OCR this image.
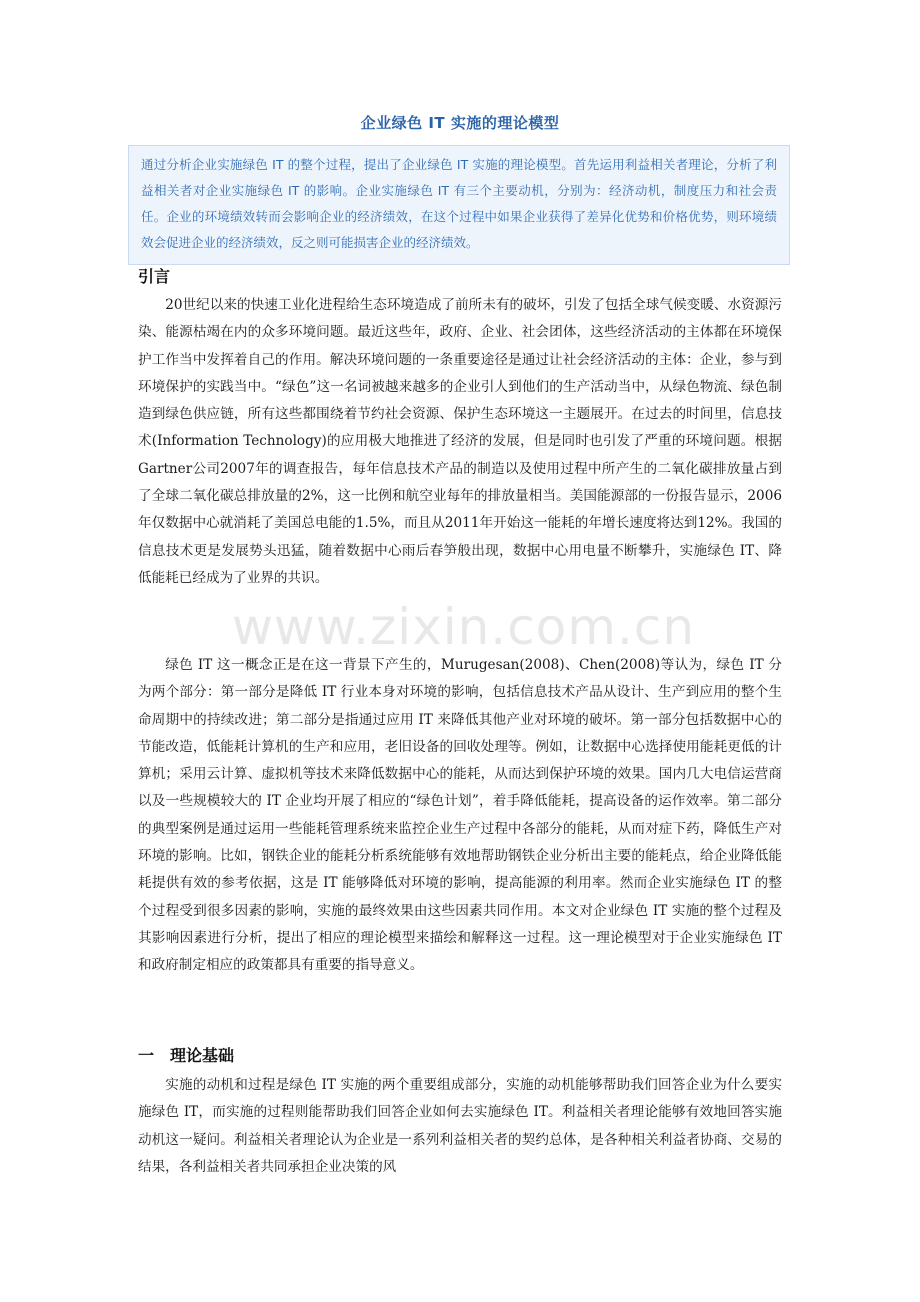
企业绿色 IT 实施的理论模型
通过分析企业实施绿色 IT 的整个过程，提出了企业绿色 IT 实施的理论模型。首先运用利益相关者理论，分析了利益相关者对企业实施绿色 IT 的影响。企业实施绿色 IT 有三个主要动机，分别为：经济动机，制度压力和社会责任。企业的环境绩效转而会影响企业的经济绩效，在这个过程中如果企业获得了差异化优势和价格优势，则环境绩效会促进企业的经济绩效，反之则可能损害企业的经济绩效。
引言

20世纪以来的快速工业化进程给生态环境造成了前所未有的破坏，引发了包括全球气候变暖、水资源污染、能源枯竭在内的众多环境问题。最近这些年，政府、企业、社会团体，这些经济活动的主体都在环境保护工作当中发挥着自己的作用。解决环境问题的一条重要途径是通过让社会经济活动的主体：企业，参与到环境保护的实践当中。“绿色”这一名词被越来越多的企业引人到他们的生产活动当中，从绿色物流、绿色制造到绿色供应链，所有这些都围绕着节约社会资源、保护生态环境这一主题展开。在过去的时间里，信息技术(Information Technology)的应用极大地推进了经济的发展，但是同时也引发了严重的环境问题。根据Gartner公司2007年的调查报告，每年信息技术产品的制造以及使用过程中所产生的二氧化碳排放量占到了全球二氧化碳总排放量的2%，这一比例和航空业每年的排放量相当。美国能源部的一份报告显示，2006年仅数据中心就消耗了美国总电能的1.5%，而且从2011年开始这一能耗的年增长速度将达到12%。我国的信息技术更是发展势头迅猛，随着数据中心雨后春笋般出现，数据中心用电量不断攀升，实施绿色 IT、降低能耗已经成为了业界的共识。

绿色 IT 这一概念正是在这一背景下产生的，Murugesan(2008)、Chen(2008)等认为，绿色 IT 分为两个部分：第一部分是降低 IT 行业本身对环境的影响，包括信息技术产品从设计、生产到应用的整个生命周期中的持续改进；第二部分是指通过应用 IT 来降低其他产业对环境的破坏。第一部分包括数据中心的节能改造，低能耗计算机的生产和应用，老旧设备的回收处理等。例如，让数据中心选择使用能耗更低的计算机；采用云计算、虚拟机等技术来降低数据中心的能耗，从而达到保护环境的效果。国内几大电信运营商以及一些规模较大的 IT 企业均开展了相应的“绿色计划”，着手降低能耗，提高设备的运作效率。第二部分的典型案例是通过运用一些能耗管理系统来监控企业生产过程中各部分的能耗，从而对症下药，降低生产对环境的影响。比如，钢铁企业的能耗分析系统能够有效地帮助钢铁企业分析出主要的能耗点，给企业降低能耗提供有效的参考依据，这是 IT 能够降低对环境的影响，提高能源的利用率。然而企业实施绿色 IT 的整个过程受到很多因素的影响，实施的最终效果由这些因素共同作用。本文对企业绿色 IT 实施的整个过程及其影响因素进行分析，提出了相应的理论模型来描绘和解释这一过程。这一理论模型对于企业实施绿色 IT 和政府制定相应的政策都具有重要的指导意义。

一　理论基础

实施的动机和过程是绿色 IT 实施的两个重要组成部分，实施的动机能够帮助我们回答企业为什么要实施绿色 IT，而实施的过程则能帮助我们回答企业如何去实施绿色 IT。利益相关者理论能够有效地回答实施动机这一疑问。利益相关者理论认为企业是一系列利益相关者的契约总体，是各种相关利益者协商、交易的结果，各利益相关者共同承担企业决策的风

www.zixin.com.cn
